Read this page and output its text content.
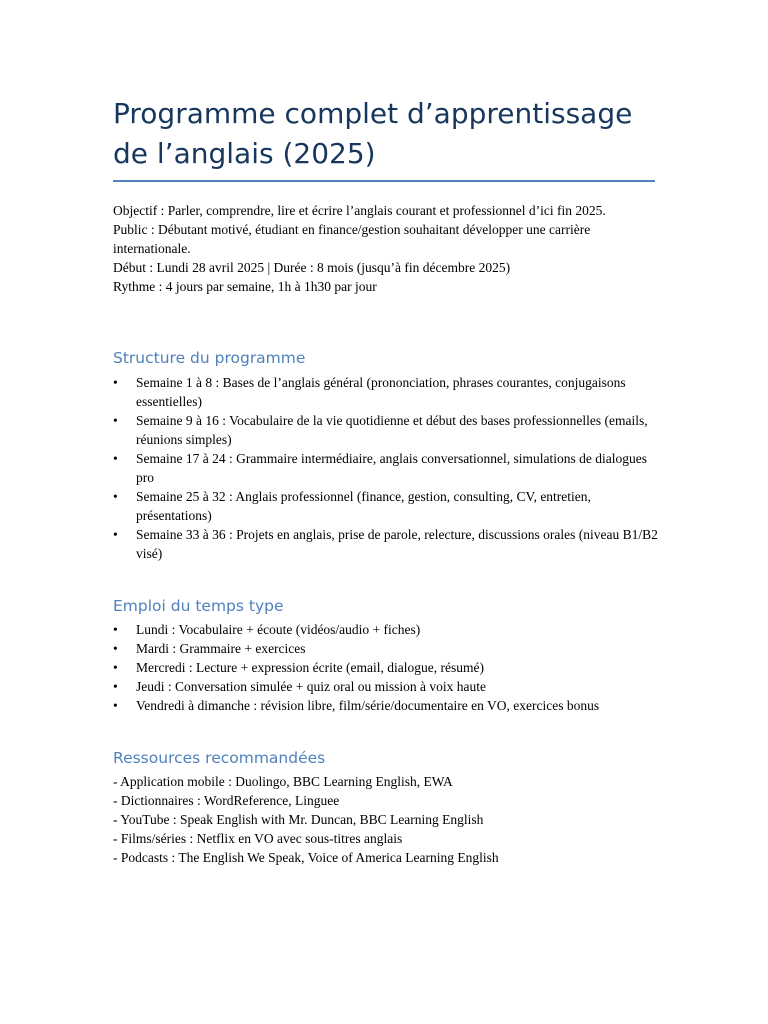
Programme complet d’apprentissage de l’anglais (2025)

Objectif : Parler, comprendre, lire et écrire l’anglais courant et professionnel d’ici fin 2025.

Public : Débutant motivé, étudiant en finance/gestion souhaitant développer une carrière internationale.

Début : Lundi 28 avril 2025 | Durée : 8 mois (jusqu’à fin décembre 2025)

Rythme : 4 jours par semaine, 1h à 1h30 par jour

Structure du programme
•	Semaine 1 à 8 : Bases de l’anglais général (prononciation, phrases courantes, conjugaisons essentielles)
•	Semaine 9 à 16 : Vocabulaire de la vie quotidienne et début des bases professionnelles (emails, réunions simples)
•	Semaine 17 à 24 : Grammaire intermédiaire, anglais conversationnel, simulations de dialogues pro
•	Semaine 25 à 32 : Anglais professionnel (finance, gestion, consulting, CV, entretien, présentations)
•	Semaine 33 à 36 : Projets en anglais, prise de parole, relecture, discussions orales (niveau B1/B2 visé)
Emploi du temps type
•	Lundi : Vocabulaire + écoute (vidéos/audio + fiches)
•	Mardi : Grammaire + exercices
•	Mercredi : Lecture + expression écrite (email, dialogue, résumé)
•	Jeudi : Conversation simulée + quiz oral ou mission à voix haute
•	Vendredi à dimanche : révision libre, film/série/documentaire en VO, exercices bonus
Ressources recommandées
- Application mobile : Duolingo, BBC Learning English, EWA
- Dictionnaires : WordReference, Linguee
- YouTube : Speak English with Mr. Duncan, BBC Learning English
- Films/séries : Netflix en VO avec sous-titres anglais
- Podcasts : The English We Speak, Voice of America Learning English
